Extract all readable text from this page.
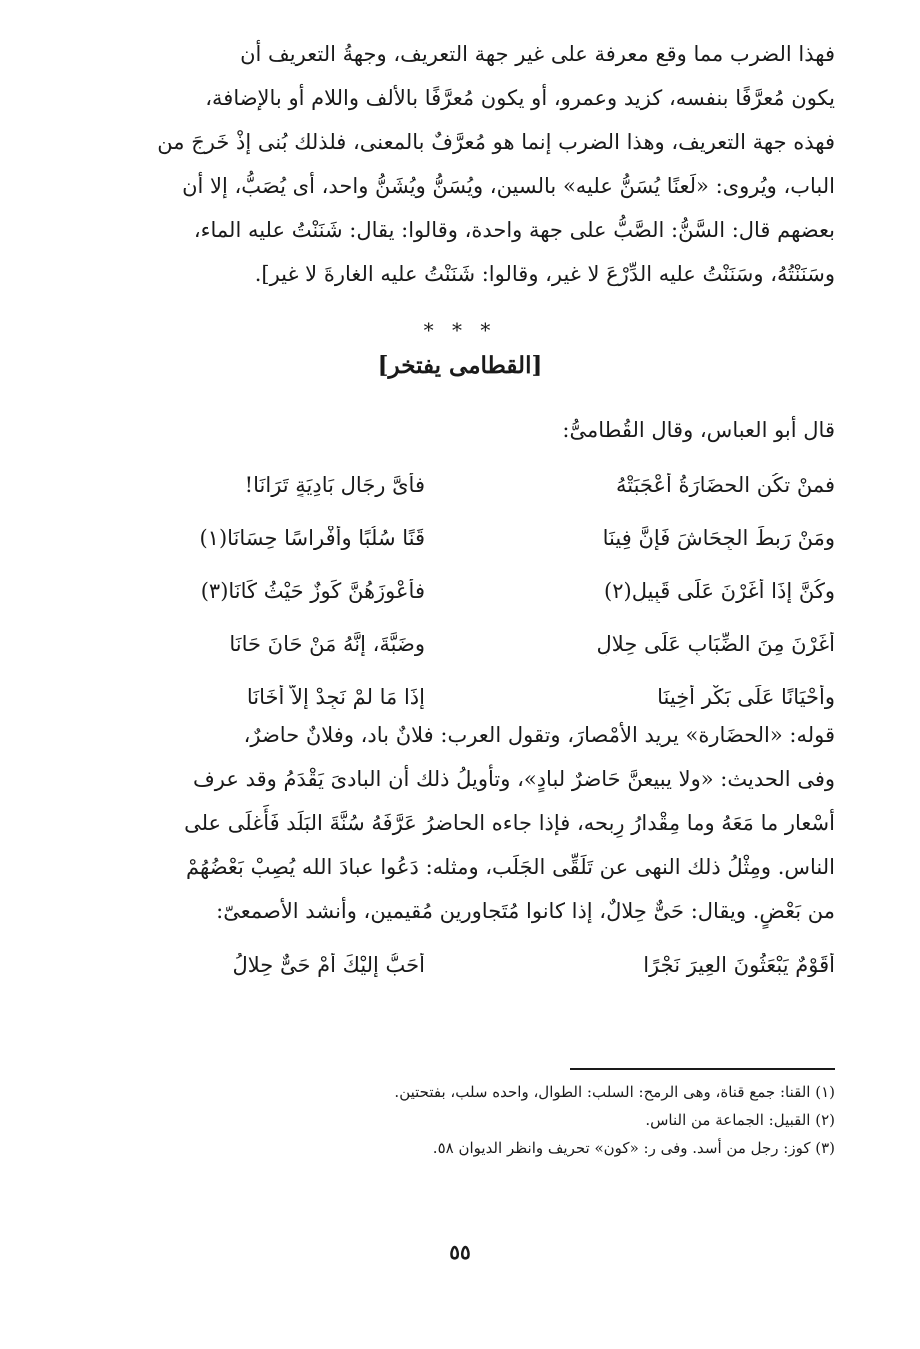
فهذا الضرب مما وقع معرفة على غير جهة التعريف، وجهةُ التعريف أن

يكون مُعرَّفًا بنفسه، كزيد وعمرو، أو يكون مُعرَّفًا بالألف واللام أو بالإضافة،

فهذه جهة التعريف، وهذا الضرب إنما هو مُعرَّفٌ بالمعنى، فلذلك بُنى إذْ خَرجَ من

الباب، ويُروى: «لَعنًا يُسَنُّ عليه» بالسين، ويُسَنُّ ويُشَنُّ واحد، أى يُصَبُّ، إلا أن

بعضهم قال: السَّنُّ: الصَّبُّ على جهة واحدة، وقالوا: يقال: شَنَنْتُ عليه الماء،

وسَنَنْتُهُ، وسَنَنْتُ عليه الدِّرْعَ لا غير، وقالوا: شَنَنْتُ عليه الغارةَ لا غير].

* * *
[القطامى يفتخر]
قال أبو العباس، وقال القُطامىُّ:
فمنْ تكُنِ الحضَارَةُ أَعْجَبَتْهُ
فأَىَّ رجَالِ بَادِيَةٍ تَرَانَا!
ومَنْ رَبطَ الجِحَاشَ فَإنَّ فِينَا
قَنًا سُلُبًا وأَفْراسًا حِسَانَا(١)
وكُنَّ إذَا أَغَرْنَ عَلَى قَبِيلٍ(٢)
فأَعْوزَهُنَّ كَوزٌ حَيْثُ كَانَا(٣)
أَغَرْنَ مِنَ الضِّبَابِ عَلَى حِلالٍ
وضَبَّةَ، إنَّهُ مَنْ حَانَ حَانَا
وأَحْيَانًا عَلَى بَكْرٍ أَخِينَا
إذَا مَا لمْ نَجِدْ إلاَّ أَخَانَا

قوله: «الحضَارة» يريد الأمْصارَ، وتقول العرب: فلانٌ باد، وفلانٌ حاضرٌ،

وفى الحديث: «ولا يبيعنَّ حَاضرٌ لبادٍ»، وتأويلُ ذلك أن البادىَ يَقْدَمُ وقد عرف

أسْعار ما مَعَهُ وما مِقْدارُ رِبحه، فإذا جاءه الحاضرُ عَرَّفَهُ سُنَّةَ البَلَد فَأَغلَى على

الناس. ومِثْلُ ذلك النهى عن تَلَقِّى الجَلَب، ومثله: دَعُوا عبادَ الله يُصِبْ بَعْضُهُمْ

من بَعْضٍ. ويقال: حَىٌّ حِلالٌ، إذا كانوا مُتَجاورين مُقيمين، وأنشد الأصمعىّ:

أَقَوْمٌ يَبْعَثُونَ العِيرَ نَجْرًا
أَحَبُّ إليْكَ أَمْ حَىٌّ حِلالُ

(١) القنا: جمع قناة، وهى الرمح: السلب: الطوال، واحده سلب، بفتحتين.

(٢) القبيل: الجماعة من الناس.

(٣) كوز: رجل من أسد. وفى ر: «كون» تحريف وانظر الديوان ٥٨.

٥٥
